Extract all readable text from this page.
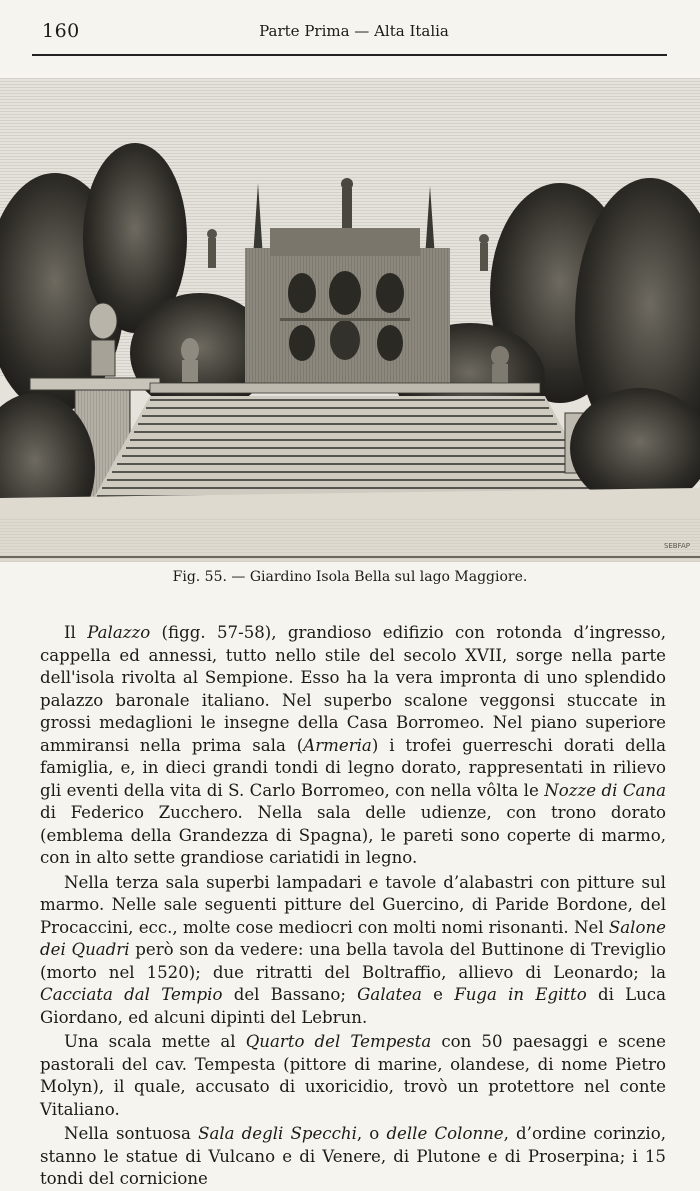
160	Parte Prima — Alta Italia
SEBFAP
Fig. 55. — Giardino Isola Bella sul lago Maggiore.

Il Palazzo (figg. 57-58), grandioso edifizio con rotonda d’ingresso, cappella ed annessi, tutto nello stile del secolo XVII, sorge nella parte dell'isola rivolta al Sempione. Esso ha la vera impronta di uno splendido palazzo baronale italiano. Nel superbo scalone veggonsi stuccate in grossi medaglioni le insegne della Casa Borromeo. Nel piano superiore ammiransi nella prima sala (Armeria) i trofei guerreschi dorati della famiglia, e, in dieci grandi tondi di legno dorato, rappresentati in rilievo gli eventi della vita di S. Carlo Borromeo, con nella vôlta le Nozze di Cana di Federico Zucchero. Nella sala delle udienze, con trono dorato (emblema della Grandezza di Spagna), le pareti sono coperte di marmo, con in alto sette grandiose cariatidi in legno.

Nella terza sala superbi lampadari e tavole d’alabastri con pitture sul marmo. Nelle sale seguenti pitture del Guercino, di Paride Bordone, del Procaccini, ecc., molte cose mediocri con molti nomi risonanti. Nel Salone dei Quadri però son da vedere: una bella tavola del Buttinone di Treviglio (morto nel 1520); due ritratti del Boltraffio, allievo di Leonardo; la Cacciata dal Tempio del Bassano; Galatea e Fuga in Egitto di Luca Giordano, ed alcuni dipinti del Lebrun.

Una scala mette al Quarto del Tempesta con 50 paesaggi e scene pastorali del cav. Tempesta (pittore di marine, olandese, di nome Pietro Molyn), il quale, accusato di uxoricidio, trovò un protettore nel conte Vitaliano.

Nella sontuosa Sala degli Specchi, o delle Colonne, d’ordine corinzio, stanno le statue di Vulcano e di Venere, di Plutone e di Proserpina; i 15 tondi del cornicione
